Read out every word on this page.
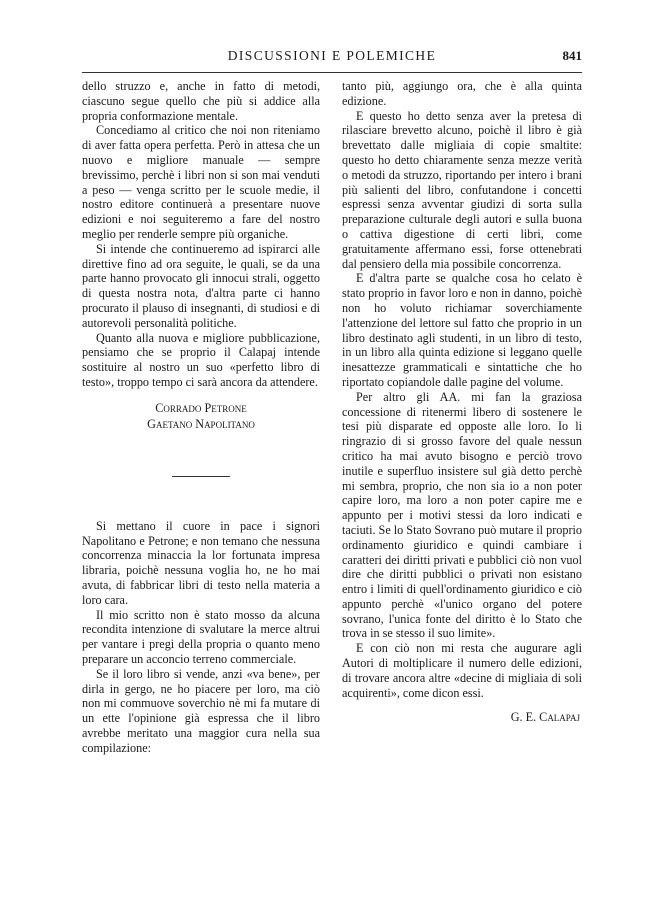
DISCUSSIONI E POLEMICHE	841

dello struzzo e, anche in fatto di metodi, ciascuno segue quello che più si addice alla propria conformazione mentale.

Concediamo al critico che noi non riteniamo di aver fatta opera perfetta. Però in attesa che un nuovo e migliore manuale — sempre brevissimo, perchè i libri non si son mai venduti a peso — venga scritto per le scuole medie, il nostro editore continuerà a presentare nuove edizioni e noi seguiteremo a fare del nostro meglio per renderle sempre più organiche.

Si intende che continueremo ad ispirarci alle direttive fino ad ora seguite, le quali, se da una parte hanno provocato gli innocui strali, oggetto di questa nostra nota, d'altra parte ci hanno procurato il plauso di insegnanti, di studiosi e di autorevoli personalità politiche.

Quanto alla nuova e migliore pubblicazione, pensiamo che se proprio il Calapaj intende sostituire al nostro un suo «perfetto libro di testo», troppo tempo ci sarà ancora da attendere.

Corrado Petrone
Gaetano Napolitano

Si mettano il cuore in pace i signori Napolitano e Petrone; e non temano che nessuna concorrenza minaccia la lor fortunata impresa libraria, poichè nessuna voglia ho, ne ho mai avuta, di fabbricar libri di testo nella materia a loro cara.

Il mio scritto non è stato mosso da alcuna recondita intenzione di svalutare la merce altrui per vantare i pregi della propria o quanto meno preparare un acconcio terreno commerciale.

Se il loro libro si vende, anzi «va bene», per dirla in gergo, ne ho piacere per loro, ma ciò non mi commuove soverchio nè mi fa mutare di un ette l'opinione già espressa che il libro avrebbe meritato una maggior cura nella sua compilazione:

tanto più, aggiungo ora, che è alla quinta edizione.

E questo ho detto senza aver la pretesa di rilasciare brevetto alcuno, poichè il libro è già brevettato dalle migliaia di copie smaltite: questo ho detto chiaramente senza mezze verità o metodi da struzzo, riportando per intero i brani più salienti del libro, confutandone i concetti espressi senza avventar giudizi di sorta sulla preparazione culturale degli autori e sulla buona o cattiva digestione di certi libri, come gratuitamente affermano essi, forse ottenebrati dal pensiero della mia possibile concorrenza.

E d'altra parte se qualche cosa ho celato è stato proprio in favor loro e non in danno, poichè non ho voluto richiamar soverchiamente l'attenzione del lettore sul fatto che proprio in un libro destinato agli studenti, in un libro di testo, in un libro alla quinta edizione si leggano quelle inesattezze grammaticali e sintattiche che ho riportato copiandole dalle pagine del volume.

Per altro gli AA. mi fan la graziosa concessione di ritenermi libero di sostenere le tesi più disparate ed opposte alle loro. Io li ringrazio di si grosso favore del quale nessun critico ha mai avuto bisogno e perciò trovo inutile e superfluo insistere sul già detto perchè mi sembra, proprio, che non sia io a non poter capire loro, ma loro a non poter capire me e appunto per i motivi stessi da loro indicati e taciuti. Se lo Stato Sovrano può mutare il proprio ordinamento giuridico e quindi cambiare i caratteri dei diritti privati e pubblici ciò non vuol dire che diritti pubblici o privati non esistano entro i limiti di quell'ordinamento giuridico e ciò appunto perchè «l'unico organo del potere sovrano, l'unica fonte del diritto è lo Stato che trova in se stesso il suo limite».

E con ciò non mi resta che augurare agli Autori di moltiplicare il numero delle edizioni, di trovare ancora altre «decine di migliaia di soli acquirenti», come dicon essi.

G. E. Calapaj
